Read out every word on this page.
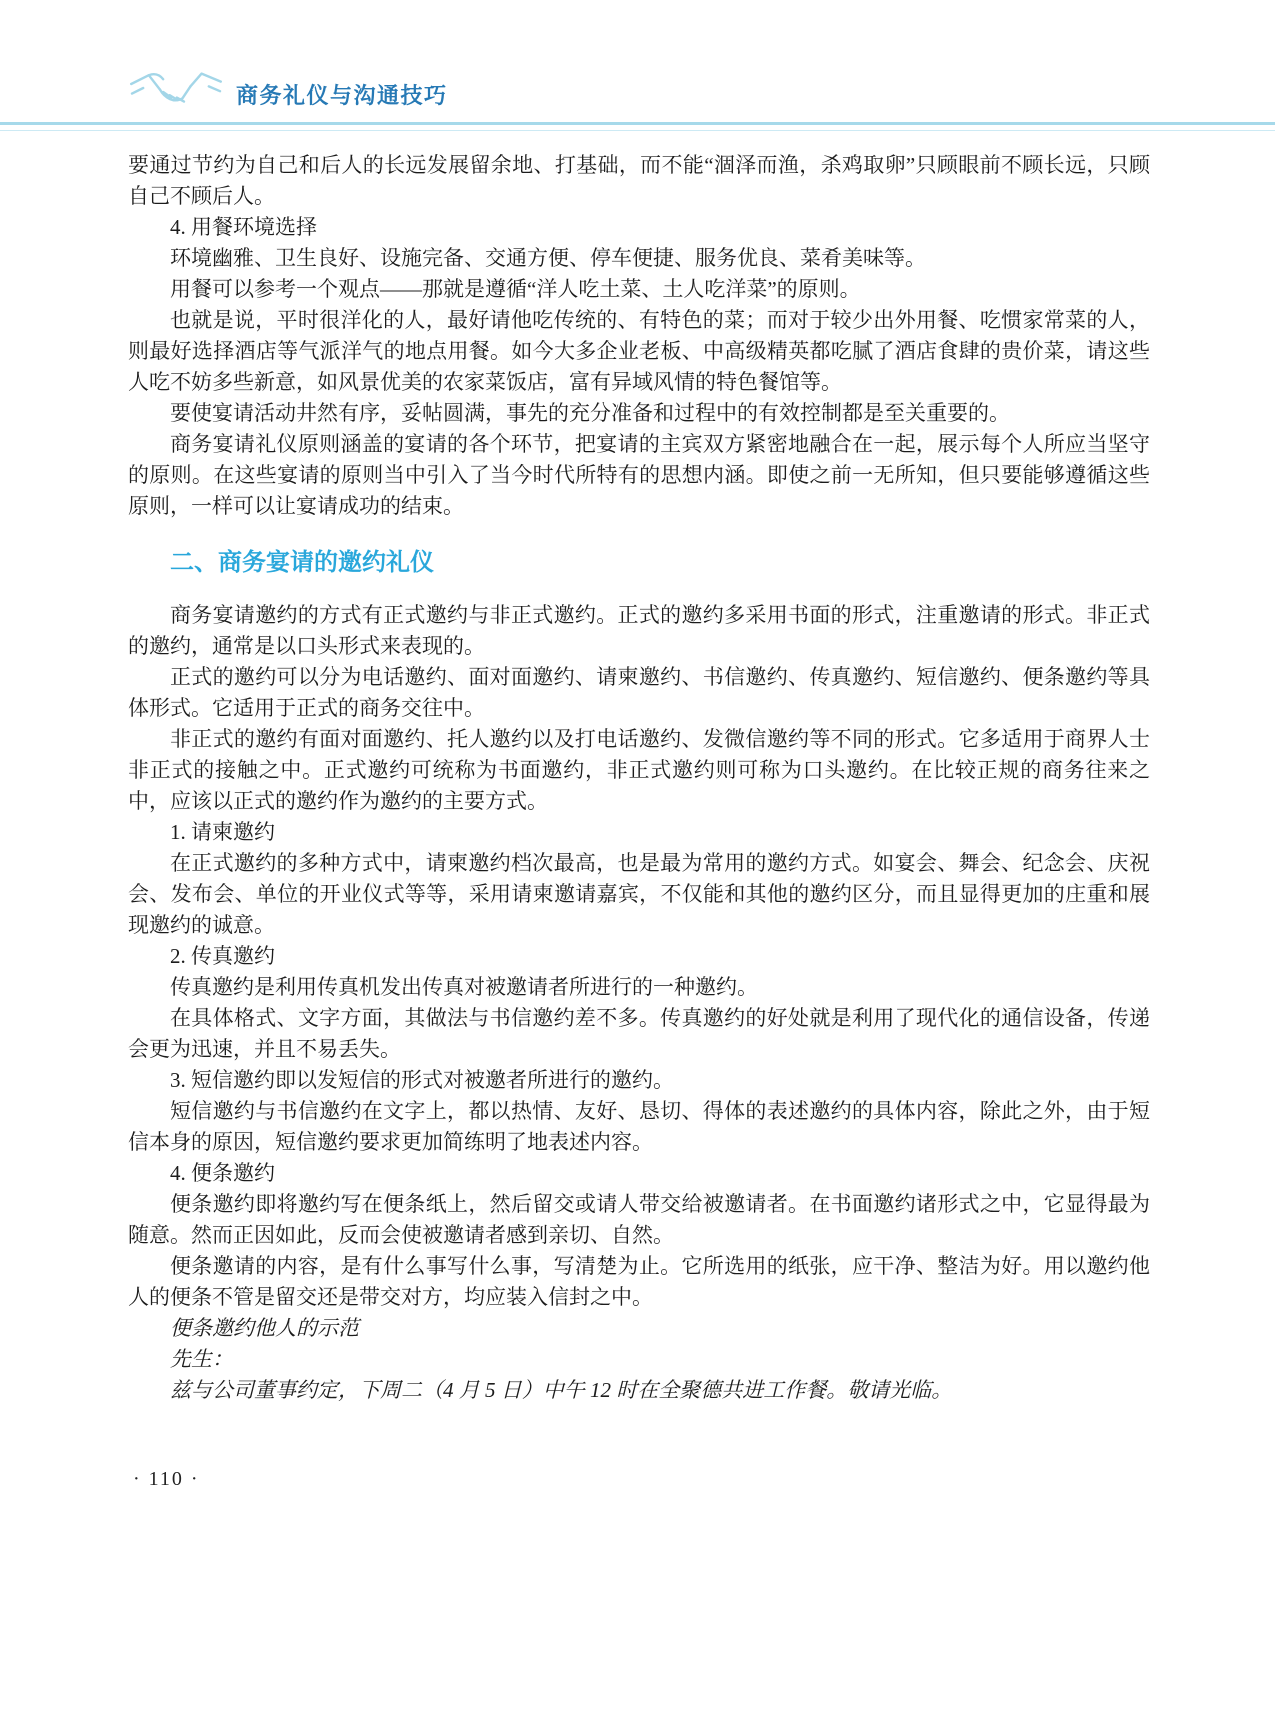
商务礼仪与沟通技巧

要通过节约为自己和后人的长远发展留余地、打基础，而不能“涸泽而渔，杀鸡取卵”只顾眼前不顾长远，只顾自己不顾后人。

4. 用餐环境选择

环境幽雅、卫生良好、设施完备、交通方便、停车便捷、服务优良、菜肴美味等。

用餐可以参考一个观点——那就是遵循“洋人吃土菜、土人吃洋菜”的原则。

也就是说，平时很洋化的人，最好请他吃传统的、有特色的菜；而对于较少出外用餐、吃惯家常菜的人，则最好选择酒店等气派洋气的地点用餐。如今大多企业老板、中高级精英都吃腻了酒店食肆的贵价菜，请这些人吃不妨多些新意，如风景优美的农家菜饭店，富有异域风情的特色餐馆等。

要使宴请活动井然有序，妥帖圆满，事先的充分准备和过程中的有效控制都是至关重要的。

商务宴请礼仪原则涵盖的宴请的各个环节，把宴请的主宾双方紧密地融合在一起，展示每个人所应当坚守的原则。在这些宴请的原则当中引入了当今时代所特有的思想内涵。即使之前一无所知，但只要能够遵循这些原则，一样可以让宴请成功的结束。

二、商务宴请的邀约礼仪

商务宴请邀约的方式有正式邀约与非正式邀约。正式的邀约多采用书面的形式，注重邀请的形式。非正式的邀约，通常是以口头形式来表现的。

正式的邀约可以分为电话邀约、面对面邀约、请柬邀约、书信邀约、传真邀约、短信邀约、便条邀约等具体形式。它适用于正式的商务交往中。

非正式的邀约有面对面邀约、托人邀约以及打电话邀约、发微信邀约等不同的形式。它多适用于商界人士非正式的接触之中。正式邀约可统称为书面邀约，非正式邀约则可称为口头邀约。在比较正规的商务往来之中，应该以正式的邀约作为邀约的主要方式。

1. 请柬邀约

在正式邀约的多种方式中，请柬邀约档次最高，也是最为常用的邀约方式。如宴会、舞会、纪念会、庆祝会、发布会、单位的开业仪式等等，采用请柬邀请嘉宾，不仅能和其他的邀约区分，而且显得更加的庄重和展现邀约的诚意。

2. 传真邀约

传真邀约是利用传真机发出传真对被邀请者所进行的一种邀约。

在具体格式、文字方面，其做法与书信邀约差不多。传真邀约的好处就是利用了现代化的通信设备，传递会更为迅速，并且不易丢失。

3. 短信邀约即以发短信的形式对被邀者所进行的邀约。

短信邀约与书信邀约在文字上，都以热情、友好、恳切、得体的表述邀约的具体内容，除此之外，由于短信本身的原因，短信邀约要求更加简练明了地表述内容。

4. 便条邀约

便条邀约即将邀约写在便条纸上，然后留交或请人带交给被邀请者。在书面邀约诸形式之中，它显得最为随意。然而正因如此，反而会使被邀请者感到亲切、自然。

便条邀请的内容，是有什么事写什么事，写清楚为止。它所选用的纸张，应干净、整洁为好。用以邀约他人的便条不管是留交还是带交对方，均应装入信封之中。

便条邀约他人的示范

先生：

兹与公司董事约定，下周二（4 月 5 日）中午 12 时在全聚德共进工作餐。敬请光临。

· 110 ·
